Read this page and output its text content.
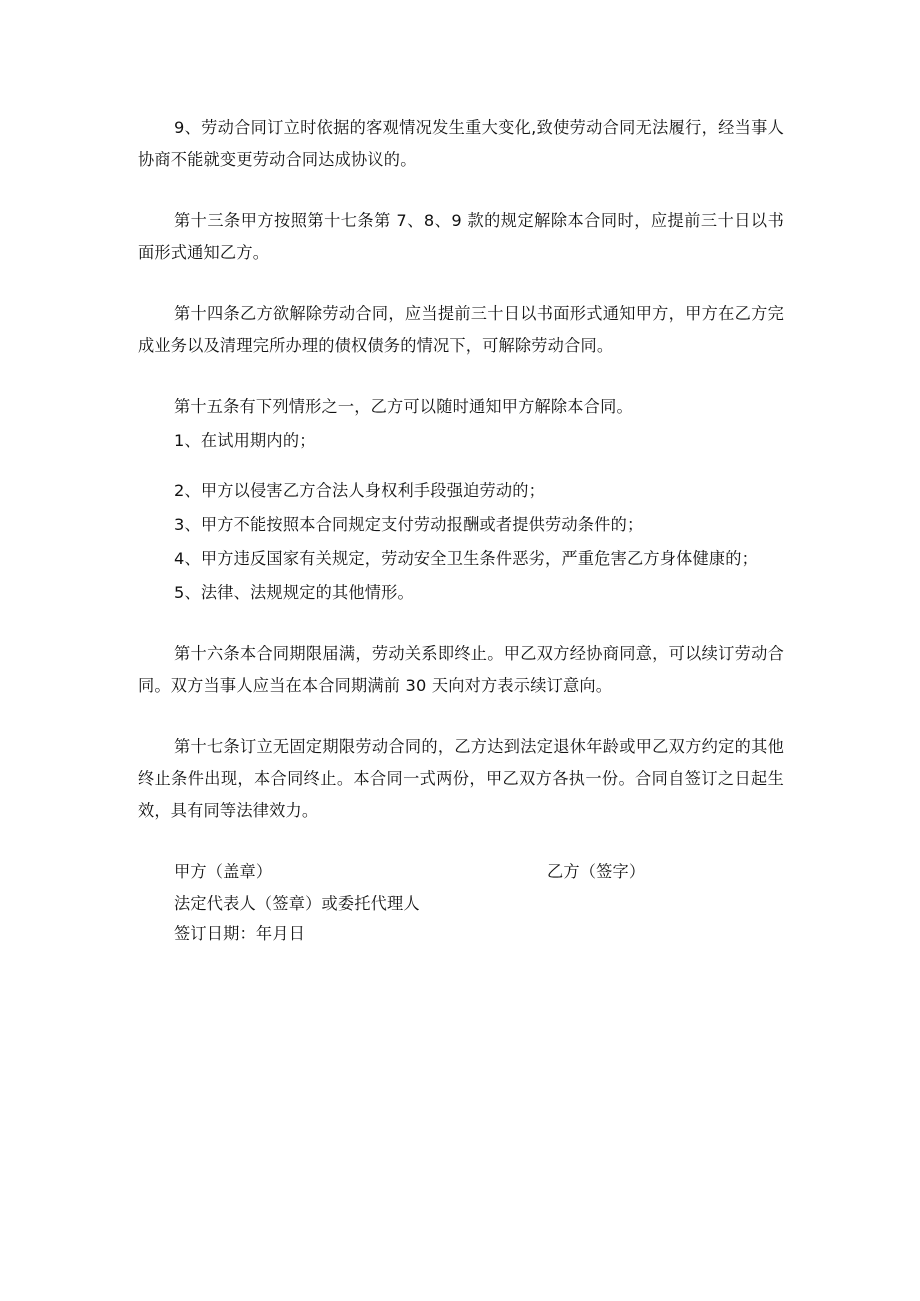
9、劳动合同订立时依据的客观情况发生重大变化,致使劳动合同无法履行，经当事人协商不能就变更劳动合同达成协议的。

第十三条甲方按照第十七条第 7、8、9 款的规定解除本合同时，应提前三十日以书面形式通知乙方。

第十四条乙方欲解除劳动合同，应当提前三十日以书面形式通知甲方，甲方在乙方完成业务以及清理完所办理的债权债务的情况下，可解除劳动合同。

第十五条有下列情形之一，乙方可以随时通知甲方解除本合同。

1、在试用期内的；

2、甲方以侵害乙方合法人身权利手段强迫劳动的；

3、甲方不能按照本合同规定支付劳动报酬或者提供劳动条件的；

4、甲方违反国家有关规定，劳动安全卫生条件恶劣，严重危害乙方身体健康的；

5、法律、法规规定的其他情形。

第十六条本合同期限届满，劳动关系即终止。甲乙双方经协商同意，可以续订劳动合同。双方当事人应当在本合同期满前 30 天向对方表示续订意向。

第十七条订立无固定期限劳动合同的，乙方达到法定退休年龄或甲乙双方约定的其他终止条件出现，本合同终止。本合同一式两份，甲乙双方各执一份。合同自签订之日起生效，具有同等法律效力。

甲方（盖章）	乙方（签字）
法定代表人（签章）或委托代理人
签订日期：年月日
